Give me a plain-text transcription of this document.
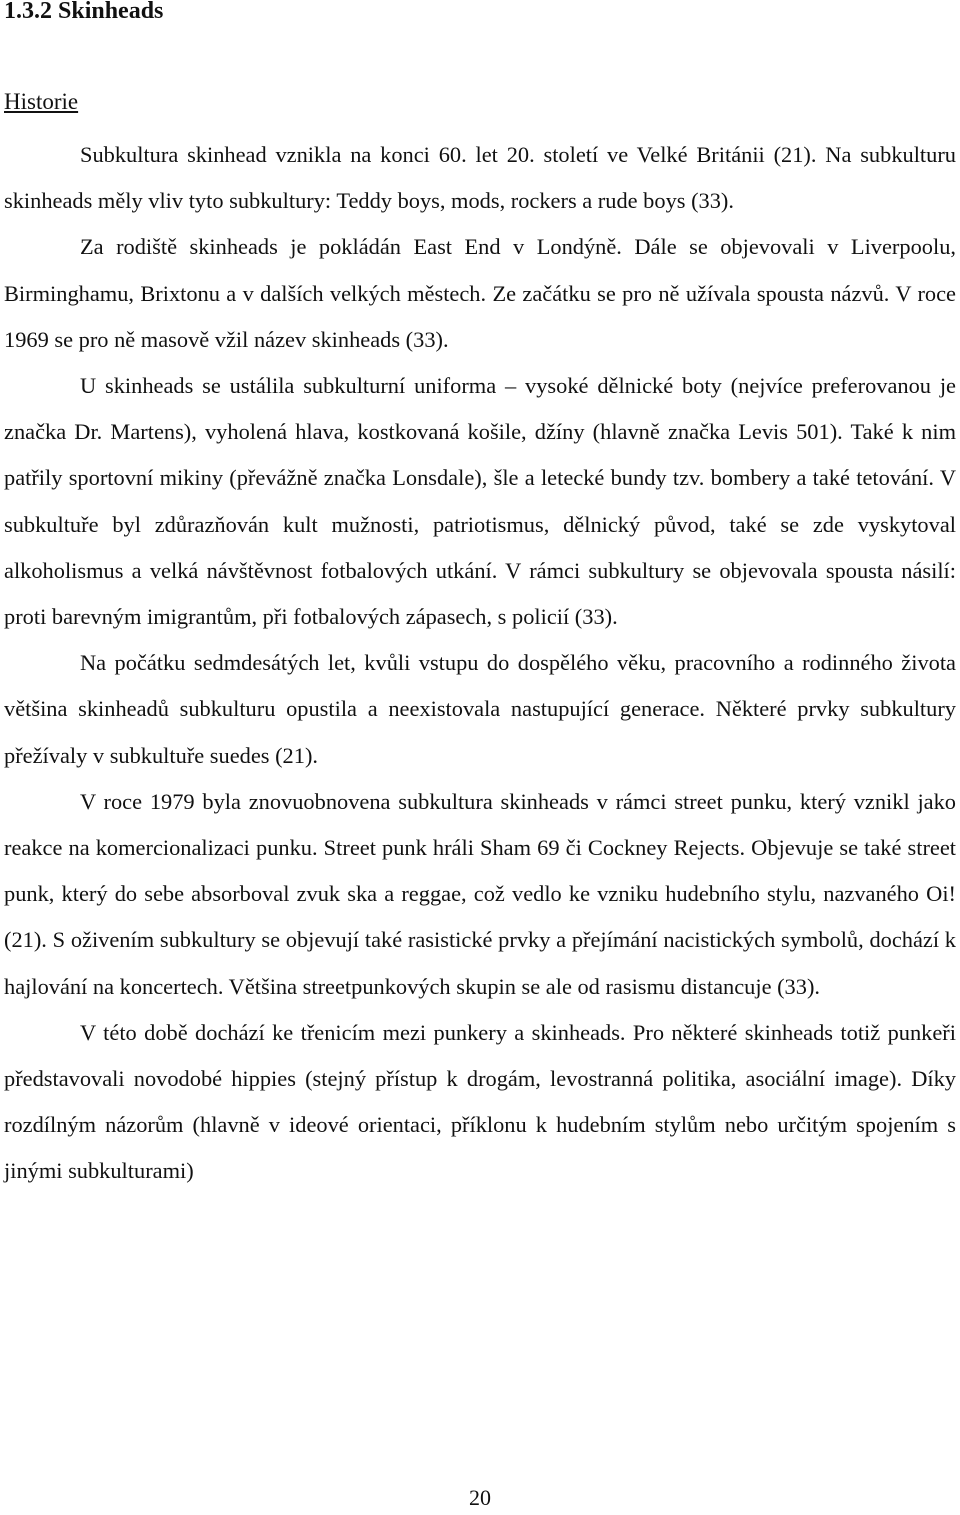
1.3.2 Skinheads
Historie

Subkultura skinhead vznikla na konci 60. let 20. století ve Velké Británii (21). Na subkulturu skinheads měly vliv tyto subkultury: Teddy boys, mods, rockers a rude boys (33).

Za rodiště skinheads je pokládán East End v Londýně. Dále se objevovali v Liverpoolu, Birminghamu, Brixtonu a v dalších velkých městech. Ze začátku se pro ně užívala spousta názvů. V roce 1969 se pro ně masově vžil název skinheads (33).

U skinheads se ustálila subkulturní uniforma – vysoké dělnické boty (nejvíce preferovanou je značka Dr. Martens), vyholená hlava, kostkovaná košile, džíny (hlavně značka Levis 501). Také k nim patřily sportovní mikiny (převážně značka Lonsdale), šle a letecké bundy tzv. bombery a také tetování. V subkultuře byl zdůrazňován kult mužnosti, patriotismus, dělnický původ, také se zde vyskytoval alkoholismus a velká návštěvnost fotbalových utkání. V rámci subkultury se objevovala spousta násilí: proti barevným imigrantům, při fotbalových zápasech, s policií (33).

Na počátku sedmdesátých let, kvůli vstupu do dospělého věku, pracovního a rodinného života většina skinheadů subkulturu opustila a neexistovala nastupující generace. Některé prvky subkultury přežívaly v subkultuře suedes (21).

V roce 1979 byla znovuobnovena subkultura skinheads v rámci street punku, který vznikl jako reakce na komercionalizaci punku. Street punk hráli Sham 69 či Cockney Rejects. Objevuje se také street punk, který do sebe absorboval zvuk ska a reggae, což vedlo ke vzniku hudebního stylu, nazvaného Oi! (21). S oživením subkultury se objevují také rasistické prvky a přejímání nacistických symbolů, dochází k hajlování na koncertech. Většina streetpunkových skupin se ale od rasismu distancuje (33).

V této době dochází ke třenicím mezi punkery a skinheads. Pro některé skinheads totiž punkeři představovali novodobé hippies (stejný přístup k drogám, levostranná politika, asociální image). Díky rozdílným názorům (hlavně v ideové orientaci, příklonu k hudebním stylům nebo určitým spojením s jinými subkulturami)

20
